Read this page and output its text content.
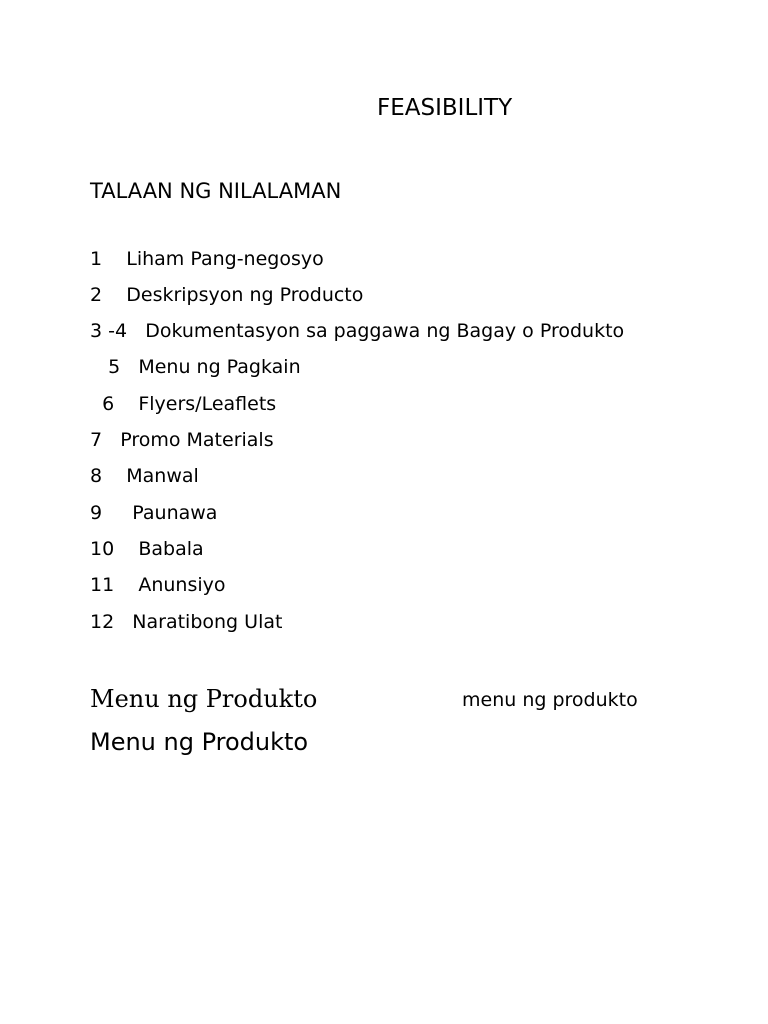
FEASIBILITY
TALAAN NG NILALAMAN
1    Liham Pang-negosyo
2    Deskripsyon ng Producto
3 -4   Dokumentasyon sa paggawa ng Bagay o Produkto
5   Menu ng Pagkain
6    Flyers/Leaflets
7   Promo Materials
8    Manwal
9     Paunawa
10    Babala
11    Anunsiyo
12   Naratibong Ulat
Menu ng Produkto	menu ng produkto
Menu ng Produkto
